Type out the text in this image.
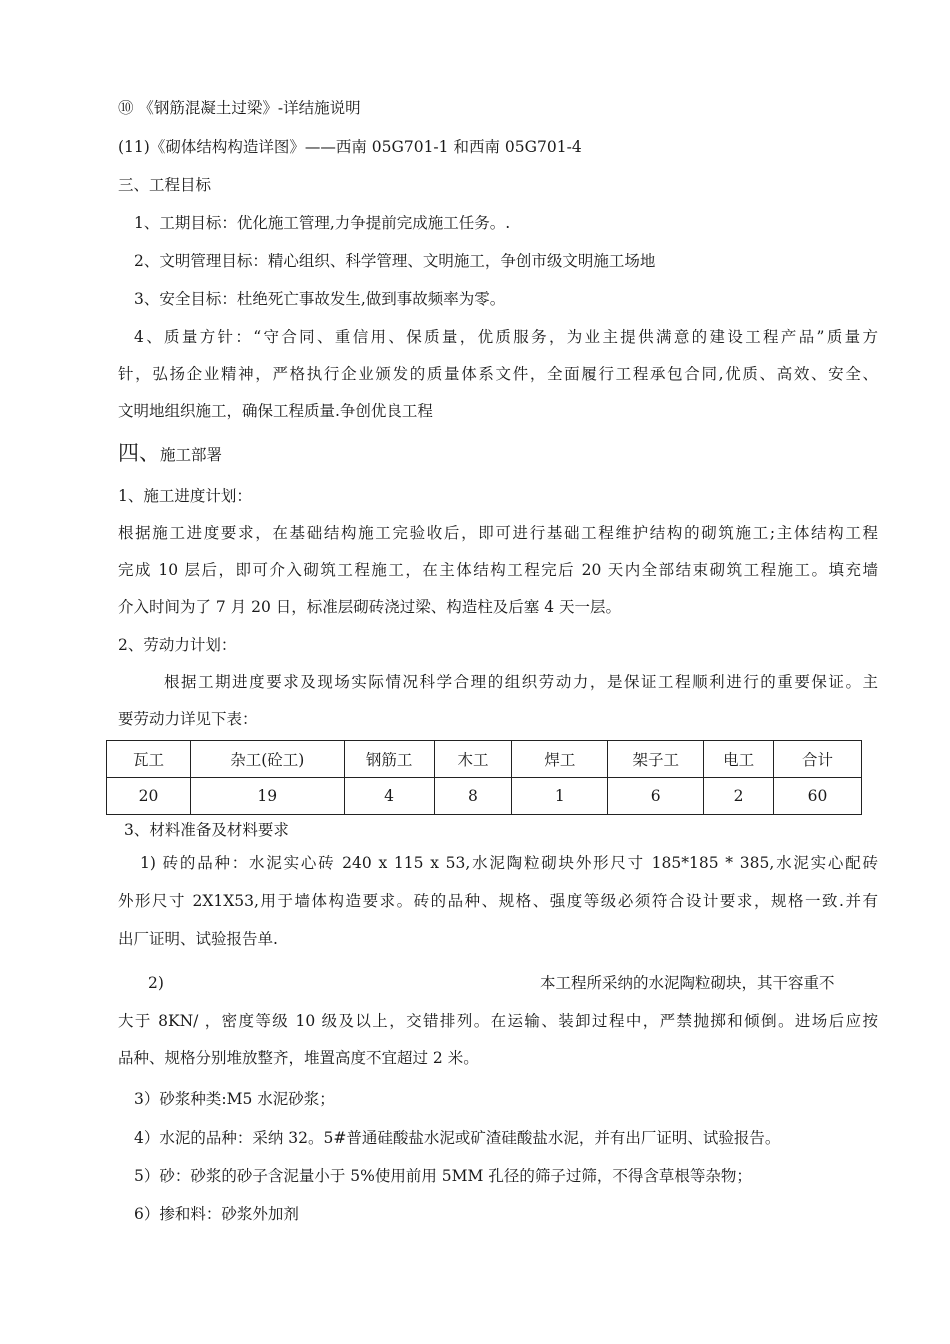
⑩ 《钢筋混凝土过梁》-详结施说明
(11)《砌体结构构造详图》——西南 05G701-1 和西南 05G701-4
三、工程目标
1、工期目标：优化施工管理,力争提前完成施工任务。.
2、文明管理目标：精心组织、科学管理、文明施工，争创市级文明施工场地
3、安全目标：杜绝死亡事故发生,做到事故频率为零。
4、质量方针：“守合同、重信用、保质量，优质服务，为业主提供满意的建设工程产品”质量方
针，弘扬企业精神，严格执行企业颁发的质量体系文件，全面履行工程承包合同,优质、高效、安全、
文明地组织施工，确保工程质量.争创优良工程
四、施工部署
1、施工进度计划：
根据施工进度要求，在基础结构施工完验收后，即可进行基础工程维护结构的砌筑施工;主体结构工程
完成 10 层后，即可介入砌筑工程施工，在主体结构工程完后 20 天内全部结束砌筑工程施工。填充墙
介入时间为了 7 月 20 日，标准层砌砖浇过梁、构造柱及后塞 4 天一层。
2、劳动力计划：
根据工期进度要求及现场实际情况科学合理的组织劳动力，是保证工程顺利进行的重要保证。主
要劳动力详见下表：
瓦工	杂工(砼工)	钢筋工	木工	焊工	架子工	电工	合计
20	19	4	8	1	6	2	60
3、材料准备及材料要求
1) 砖的品种：水泥实心砖 240 x 115 x 53,水泥陶粒砌块外形尺寸 185*185 * 385,水泥实心配砖
外形尺寸 2X1X53,用于墙体构造要求。砖的品种、规格、强度等级必须符合设计要求，规格一致.并有
出厂证明、试验报告单.
2)	本工程所采纳的水泥陶粒砌块，其干容重不
大于 8KN/ ，密度等级 10 级及以上，交错排列。在运输、装卸过程中，严禁抛掷和倾倒。进场后应按
品种、规格分别堆放整齐，堆置高度不宜超过 2 米。
3）砂浆种类:M5 水泥砂浆；
4）水泥的品种：采纳 32。5#普通硅酸盐水泥或矿渣硅酸盐水泥，并有出厂证明、试验报告。
5）砂：砂浆的砂子含泥量小于 5%使用前用 5MM 孔径的筛子过筛，不得含草根等杂物；
6）掺和料：砂浆外加剂
